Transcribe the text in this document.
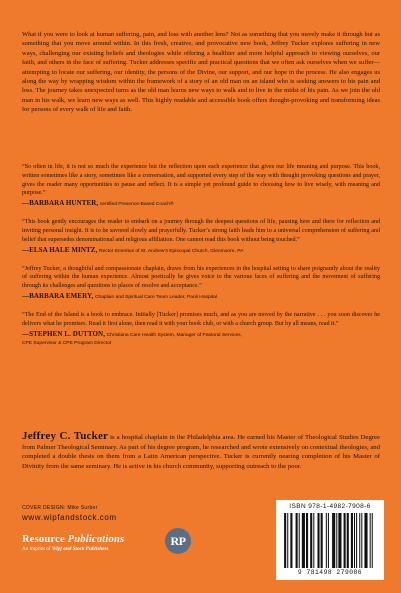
What if you were to look at human suffering, pain, and loss with another lens? Not as something that you merely make it through but as something that you move around within. In this fresh, creative, and provocative new book, Jeffrey Tucker explores suffering in new ways, challenging our existing beliefs and theologies while offering a healthier and more helpful approach to viewing ourselves, our faith, and others in the face of suffering. Tucker addresses specific and practical questions that we often ask ourselves when we suffer—attempting to locate our suffering, our identity, the persons of the Divine, our support, and our hope in the process. He also engages us along the way by wrapping wisdom within the framework of a story of an old man on an island who is seeking answers to his pain and loss. The journey takes unexpected turns as the old man learns new ways to walk and to live in the midst of his pain. As we join the old man in his walk, we learn new ways as well. This highly readable and accessible book offers thought-provoking and transforming ideas for persons of every walk of life and faith.

“So often in life, it is not so much the experience but the reflection upon each experience that gives our life meaning and purpose. This book, written sometimes like a story, sometimes like a conversation, and supported every step of the way with thought provoking questions and prayer, gives the reader many opportunities to pause and reflect. It is a simple yet profound guide to choosing how to live wisely, with meaning and purpose.”

—BARBARA HUNTER, certified Presence-Based Coach®

“This book gently encourages the reader to embark on a journey through the deepest questions of life, pausing here and there for reflection and inviting personal insight. It is to be savored slowly and prayerfully. Tucker’s strong faith leads him to a universal comprehension of suffering and belief that supersedes denominational and religious affiliation. One cannot read this book without being touched.”

—ELSA HALE MINTZ, Rector Emeritus of St. Andrew’s Episcopal Church, Glenmoore, PA

“Jeffrey Tucker, a thoughtful and compassionate chaplain, draws from his experiences in the hospital setting to share poignantly about the reality of suffering within the human experience. Almost poetically he gives voice to the various faces of suffering and the movement of suffering through its challenges and questions to places of resolve and acceptance.”

—BARBARA EMERY, Chaplain and Spiritual Care Team Leader, Paoli Hospital

“The End of the Island is a book to embrace. Initially [Tucker] promises much, and as you are moved by the narrative . . . you soon discover he delivers what he promises. Read it first alone, then read it with your book club, or with a church group. But by all means, read it.”

—STEPHEN L. DUTTON, Christiana Care Health System, Manager of Pastoral Services,
CPE Supervisor & CPE Program Director

Jeffrey C. Tucker is a hospital chaplain in the Philadelphia area. He earned his Master of Theological Studies Degree from Palmer Theological Seminary. As part of his degree program, he researched and wrote extensively on contextual theologies, and completed a double thesis on them from a Latin American perspective. Tucker is currently nearing completion of his Master of Divinity from the same seminary. He is active in his church community, supporting outreach to the poor.

COVER DESIGN: Mike Surber
www.wipfandstock.com
Resource Publications
An imprint of Wipf and Stock Publishers
RP
ISBN 978-1-4982-7908-6
9 781498 279086
